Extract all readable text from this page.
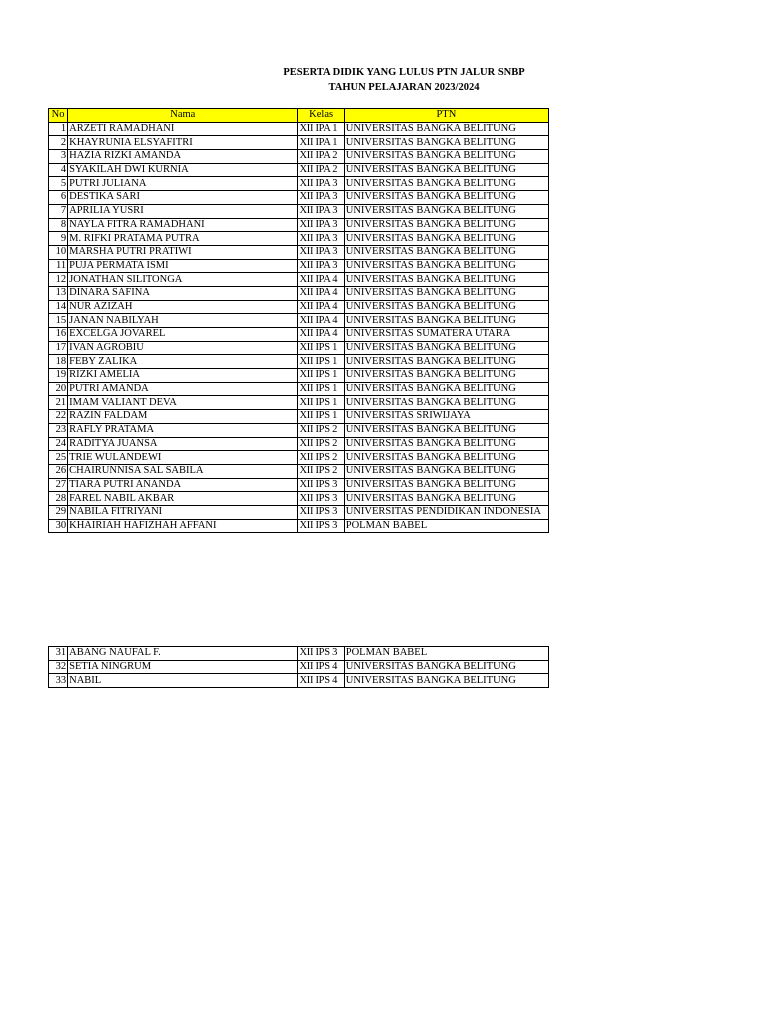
PESERTA DIDIK YANG LULUS PTN JALUR SNBP
TAHUN PELAJARAN 2023/2024
No	Nama	Kelas	PTN
1	ARZETI RAMADHANI	XII IPA 1	UNIVERSITAS BANGKA BELITUNG
2	KHAYRUNIA ELSYAFITRI	XII IPA 1	UNIVERSITAS BANGKA BELITUNG
3	HAZIA RIZKI AMANDA	XII IPA 2	UNIVERSITAS BANGKA BELITUNG
4	SYAKILAH DWI KURNIA	XII IPA 2	UNIVERSITAS BANGKA BELITUNG
5	PUTRI JULIANA	XII IPA 3	UNIVERSITAS BANGKA BELITUNG
6	DESTIKA SARI	XII IPA 3	UNIVERSITAS BANGKA BELITUNG
7	APRILIA YUSRI	XII IPA 3	UNIVERSITAS BANGKA BELITUNG
8	NAYLA FITRA RAMADHANI	XII IPA 3	UNIVERSITAS BANGKA BELITUNG
9	M. RIFKI PRATAMA PUTRA	XII IPA 3	UNIVERSITAS BANGKA BELITUNG
10	MARSHA PUTRI PRATIWI	XII IPA 3	UNIVERSITAS BANGKA BELITUNG
11	PUJA PERMATA ISMI	XII IPA 3	UNIVERSITAS BANGKA BELITUNG
12	JONATHAN SILITONGA	XII IPA 4	UNIVERSITAS BANGKA BELITUNG
13	DINARA SAFINA	XII IPA 4	UNIVERSITAS BANGKA BELITUNG
14	NUR AZIZAH	XII IPA 4	UNIVERSITAS BANGKA BELITUNG
15	JANAN NABILYAH	XII IPA 4	UNIVERSITAS BANGKA BELITUNG
16	EXCELGA JOVAREL	XII IPA 4	UNIVERSITAS SUMATERA UTARA
17	IVAN AGROBIU	XII IPS 1	UNIVERSITAS BANGKA BELITUNG
18	FEBY ZALIKA	XII IPS 1	UNIVERSITAS BANGKA BELITUNG
19	RIZKI AMELIA	XII IPS 1	UNIVERSITAS BANGKA BELITUNG
20	PUTRI AMANDA	XII IPS 1	UNIVERSITAS BANGKA BELITUNG
21	IMAM VALIANT DEVA	XII IPS 1	UNIVERSITAS BANGKA BELITUNG
22	RAZIN FALDAM	XII IPS 1	UNIVERSITAS SRIWIJAYA
23	RAFLY PRATAMA	XII IPS 2	UNIVERSITAS BANGKA BELITUNG
24	RADITYA JUANSA	XII IPS 2	UNIVERSITAS BANGKA BELITUNG
25	TRIE WULANDEWI	XII IPS 2	UNIVERSITAS BANGKA BELITUNG
26	CHAIRUNNISA SAL SABILA	XII IPS 2	UNIVERSITAS BANGKA BELITUNG
27	TIARA PUTRI ANANDA	XII IPS 3	UNIVERSITAS BANGKA BELITUNG
28	FAREL NABIL AKBAR	XII IPS 3	UNIVERSITAS BANGKA BELITUNG
29	NABILA FITRIYANI	XII IPS 3	UNIVERSITAS PENDIDIKAN INDONESIA
30	KHAIRIAH HAFIZHAH AFFANI	XII IPS 3	POLMAN BABEL
31	ABANG NAUFAL F.	XII IPS 3	POLMAN BABEL
32	SETIA NINGRUM	XII IPS 4	UNIVERSITAS BANGKA BELITUNG
33	NABIL	XII IPS 4	UNIVERSITAS BANGKA BELITUNG
